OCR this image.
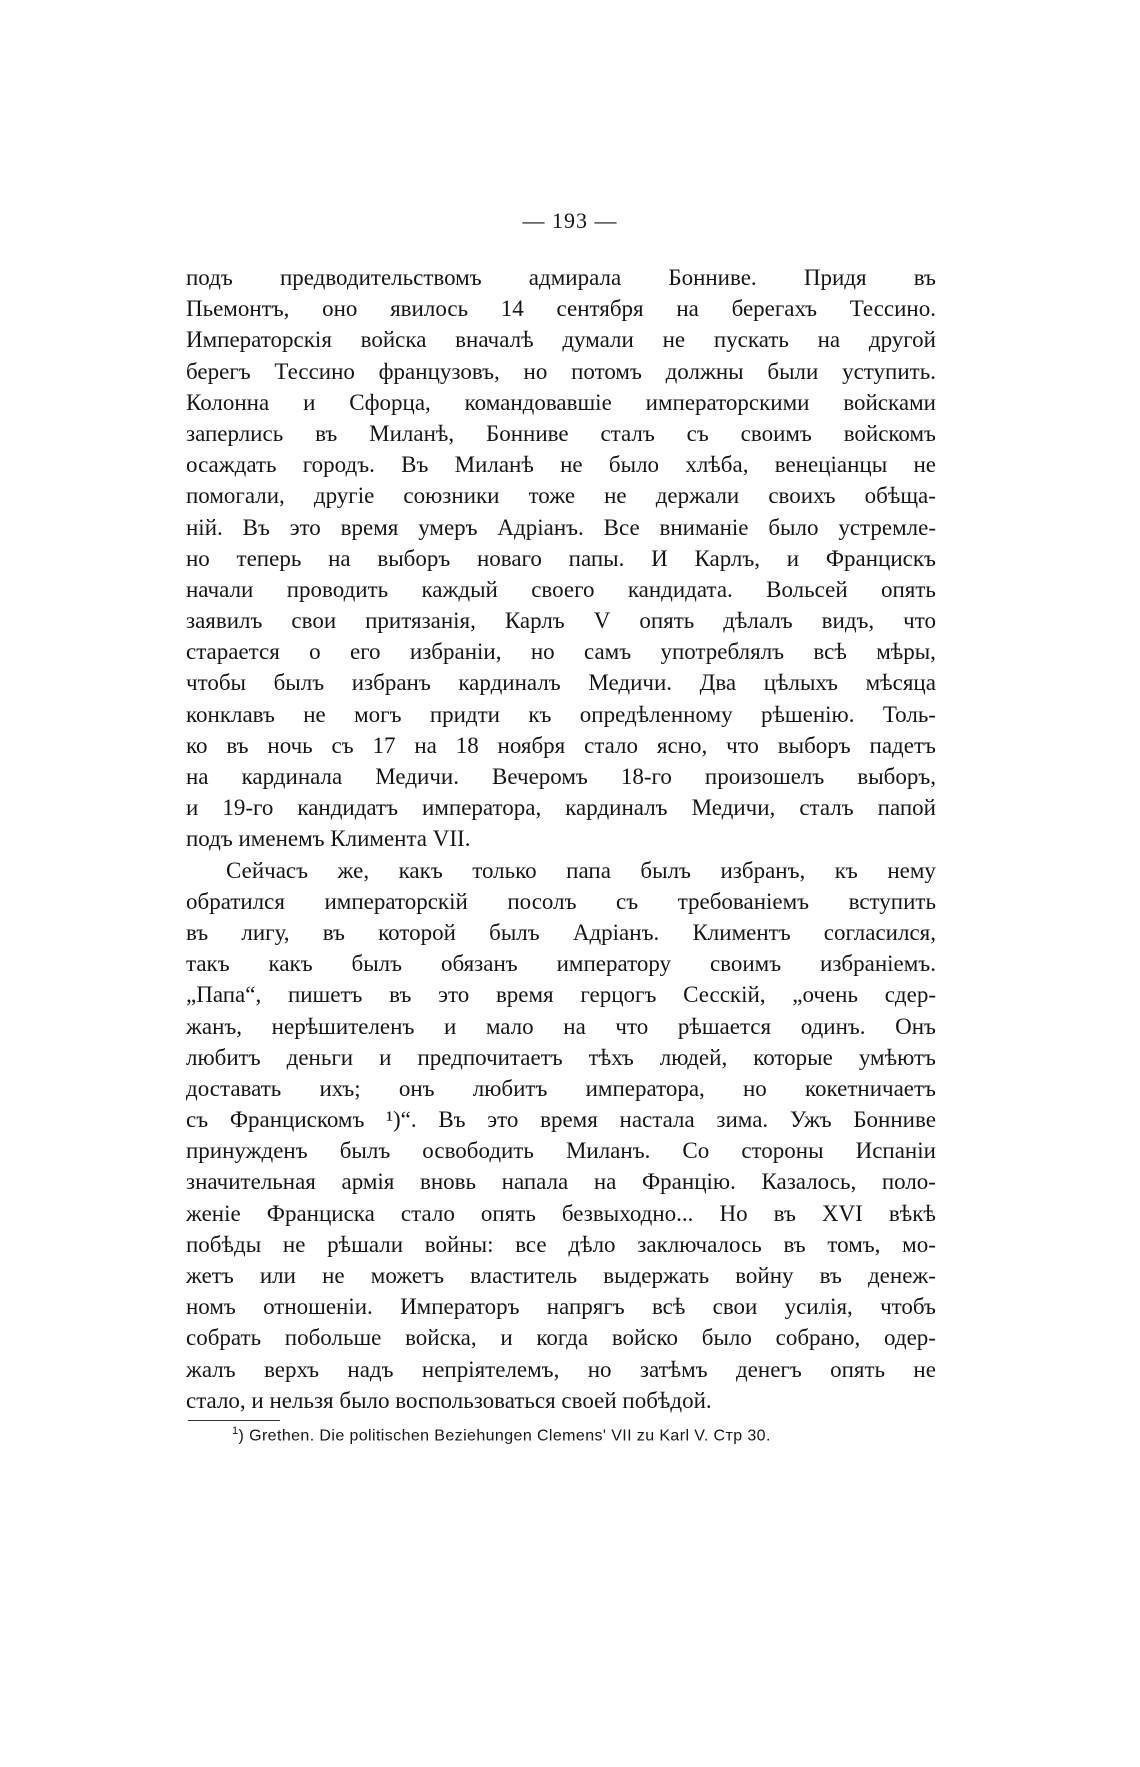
— 193 —
подъ предводительствомъ адмирала Бонниве. Придя въ
Пьемонтъ, оно явилось 14 сентября на берегахъ Тессино.
Императорскія войска вначалѣ думали не пускать на другой
берегъ Тессино французовъ, но потомъ должны были уступить.
Колонна и Сфорца, командовавшіе императорскими войсками
заперлись въ Миланѣ, Бонниве сталъ съ своимъ войскомъ
осаждать городъ. Въ Миланѣ не было хлѣба, венеціанцы не
помогали, другіе союзники тоже не держали своихъ обѣща-
ній. Въ это время умеръ Адріанъ. Все вниманіе было устремле-
но теперь на выборъ новаго папы. И Карлъ, и Францискъ
начали проводить каждый своего кандидата. Вольсей опять
заявилъ свои притязанія, Карлъ V опять дѣлалъ видъ, что
старается о его избраніи, но самъ употреблялъ всѣ мѣры,
чтобы былъ избранъ кардиналъ Медичи. Два цѣлыхъ мѣсяца
конклавъ не могъ придти къ опредѣленному рѣшенію. Толь-
ко въ ночь съ 17 на 18 ноября стало ясно, что выборъ падетъ
на кардинала Медичи. Вечеромъ 18-го произошелъ выборъ,
и 19-го кандидатъ императора, кардиналъ Медичи, сталъ папой
подъ именемъ Климента VII.
Сейчасъ же, какъ только папа былъ избранъ, къ нему
обратился императорскій посолъ съ требованіемъ вступить
въ лигу, въ которой былъ Адріанъ. Климентъ согласился,
такъ какъ былъ обязанъ императору своимъ избраніемъ.
„Папа“, пишетъ въ это время герцогъ Сесскій, „очень сдер-
жанъ, нерѣшителенъ и мало на что рѣшается одинъ. Онъ
любитъ деньги и предпочитаетъ тѣхъ людей, которые умѣютъ
доставать ихъ; онъ любитъ императора, но кокетничаетъ
съ Францискомъ ¹)“. Въ это время настала зима. Ужъ Бонниве
принужденъ былъ освободить Миланъ. Со стороны Испаніи
значительная армія вновь напала на Францію. Казалось, поло-
женіе Франциска стало опять безвыходно... Но въ XVI вѣкѣ
побѣды не рѣшали войны: все дѣло заключалось въ томъ, мо-
жетъ или не можетъ властитель выдержать войну въ денеж-
номъ отношеніи. Императоръ напрягъ всѣ свои усилія, чтобъ
собрать побольше войска, и когда войско было собрано, одер-
жалъ верхъ надъ непріятелемъ, но затѣмъ денегъ опять не
стало, и нельзя было воспользоваться своей побѣдой.
$^1$) Grethen. Die politischen Beziehungen Clemens' VII zu Karl V. Стр 30.
